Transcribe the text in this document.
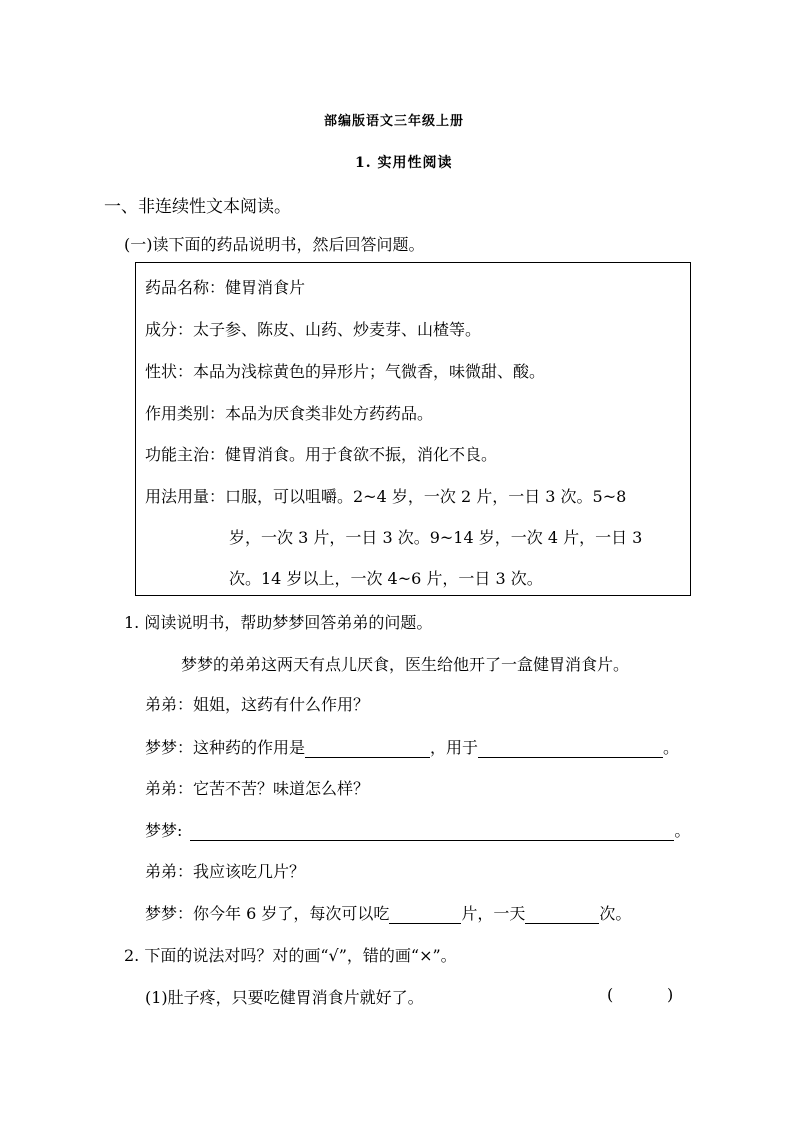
部编版语文三年级上册
1. 实用性阅读
一、非连续性文本阅读。
(一)读下面的药品说明书，然后回答问题。
药品名称：健胃消食片
成分：太子参、陈皮、山药、炒麦芽、山楂等。
性状：本品为浅棕黄色的异形片；气微香，味微甜、酸。
作用类别：本品为厌食类非处方药药品。
功能主治：健胃消食。用于食欲不振，消化不良。
用法用量：口服，可以咀嚼。2~4 岁，一次 2 片，一日 3 次。5~8
岁，一次 3 片，一日 3 次。9~14 岁，一次 4 片，一日 3
次。14 岁以上，一次 4~6 片，一日 3 次。
1. 阅读说明书，帮助梦梦回答弟弟的问题。
梦梦的弟弟这两天有点儿厌食，医生给他开了一盒健胃消食片。
弟弟：姐姐，这药有什么作用？
梦梦：这种药的作用是	，用于	。
弟弟：它苦不苦？味道怎么样？
梦梦:	。
弟弟：我应该吃几片？
梦梦：你今年 6 岁了，每次可以吃	片，一天	次。
2. 下面的说法对吗？对的画“√”，错的画“×”。
(1)肚子疼，只要吃健胃消食片就好了。	(	)
